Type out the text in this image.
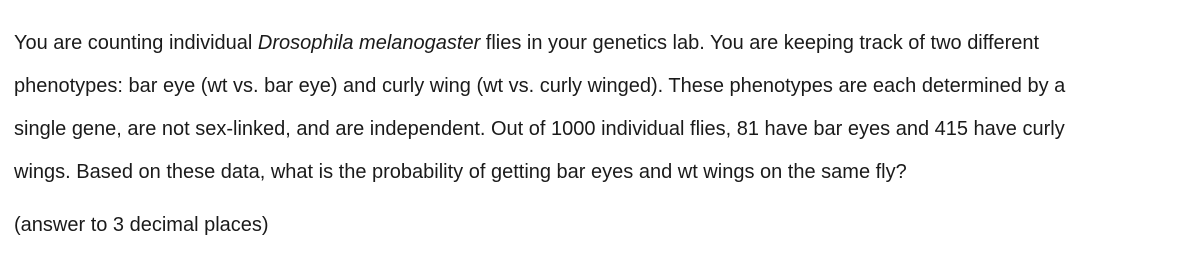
You are counting individual Drosophila melanogaster flies in your genetics lab. You are keeping track of two different
phenotypes: bar eye (wt vs. bar eye) and curly wing (wt vs. curly winged). These phenotypes are each determined by a
single gene, are not sex-linked, and are independent. Out of 1000 individual flies, 81 have bar eyes and 415 have curly
wings. Based on these data, what is the probability of getting bar eyes and wt wings on the same fly?

(answer to 3 decimal places)
